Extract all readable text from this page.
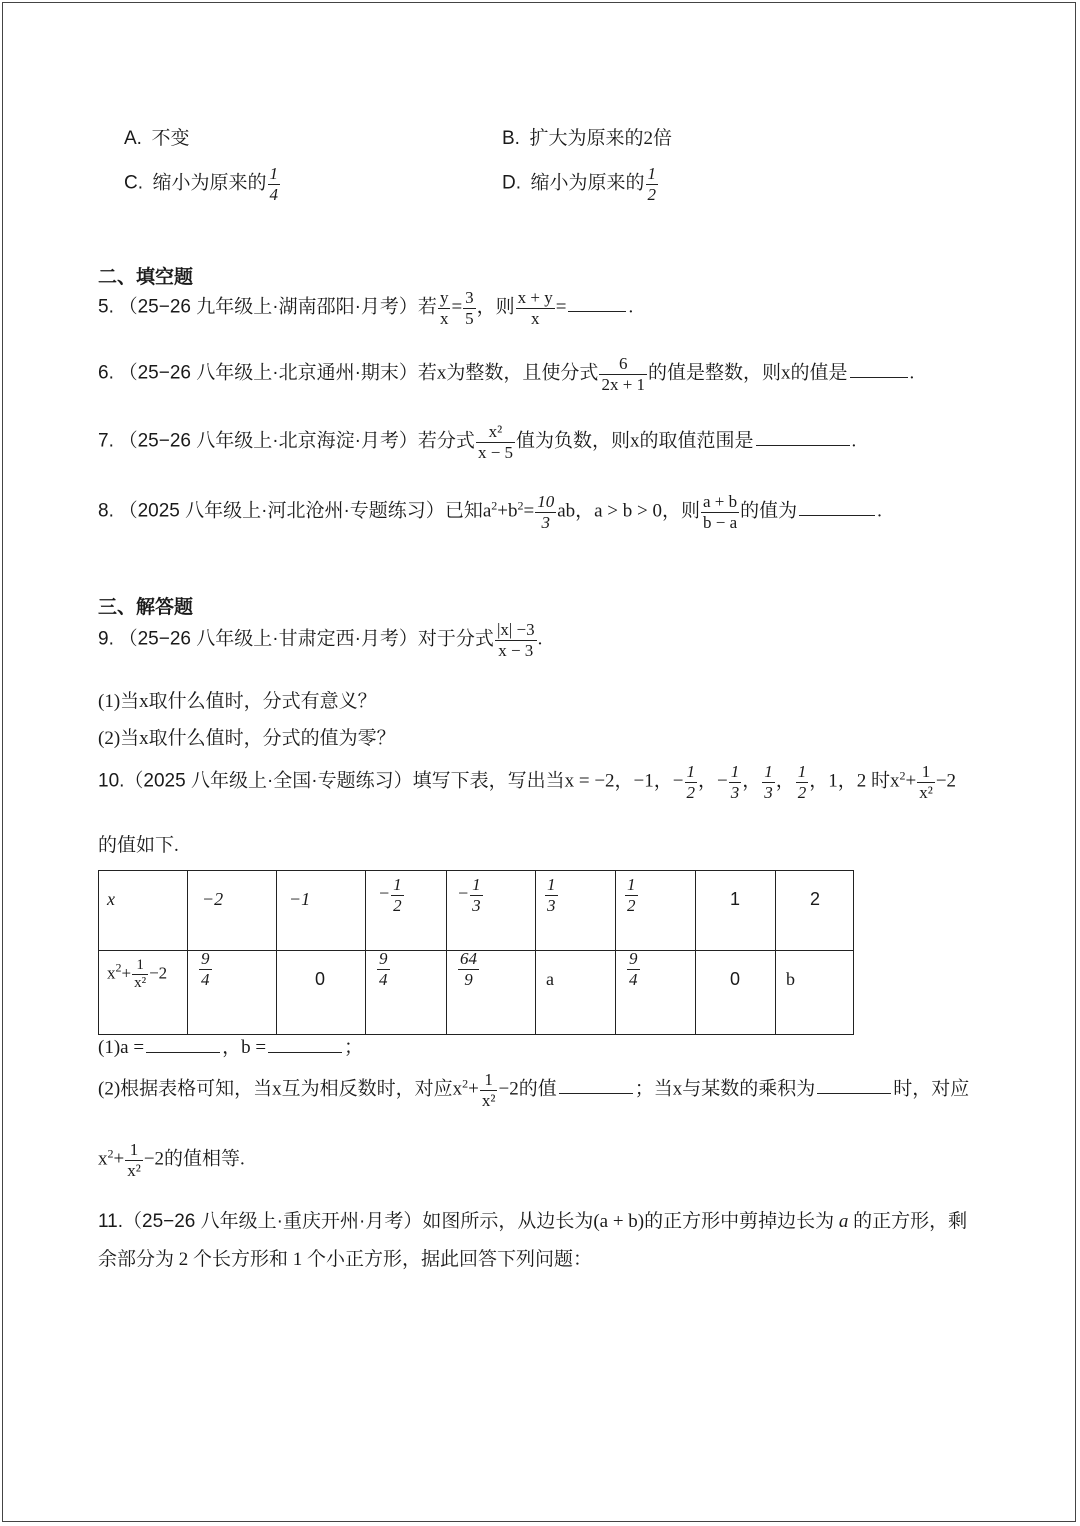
A. 不变	B. 扩大为原来的2倍
C. 缩小为原来的 $\frac{1}{4}$	D. 缩小为原来的 $\frac{1}{2}$
二、填空题
5. （25−26 九年级上·湖南邵阳·月考）若 $\frac{y}{x} = \frac{3}{5}$ ，则 $\frac{x + y}{x}$ =	.
6. （25−26 八年级上·北京通州·期末）若x为整数，且使分式 $\frac{6}{2x + 1}$ 的值是整数，则x的值是	.
7. （25−26 八年级上·北京海淀·月考）若分式 $\frac{\text{x²}}{x - 5}$ 值为负数，则x的取值范围是	.
8. （2025 八年级上·河北沧州·专题练习）已知$a^2+b^2= \frac{10}{3}$ ab，a > b > 0，则 $\frac{a + b}{b - a}$ 的值为	.
三、解答题
9. （25−26 八年级上·甘肃定西·月考）对于分式 $\frac{|x| -3}{x - 3}$ .
(1)当x取什么值时，分式有意义？
(2)当x取什么值时，分式的值为零？
10.（2025 八年级上·全国·专题练习）填写下表，写出当x = −2，−1，− $\frac{1}{2}$ ，− $\frac{1}{3}$ ， $\frac{1}{3}$ ， $\frac{1}{2}$ ，1，2 时$x^2+ \frac{1}{\text{x²}} -2$
的值如下.
x	−2	−1	− $\frac{1}{2}$	− $\frac{1}{3}$	$\frac{1}{3}$	$\frac{1}{2}$	1	2

$x^2+ \frac{1}{\text{x²}} -2$	$\frac{9}{4}$	0	$\frac{9}{4}$	$\frac{64}{9}$	a	$\frac{9}{4}$	0	b
(1)a =	，b =	；
(2)根据表格可知，当x互为相反数时，对应$x^2+ \frac{1}{\text{x²}} -2$的值	；当x与某数的乘积为	时，对应
$x^2+ \frac{1}{\text{x²}} -2$的值相等.
11.（25−26 八年级上·重庆开州·月考）如图所示，从边长为(a + b)的正方形中剪掉边长为 a 的正方形，剩
余部分为 2 个长方形和 1 个小正方形，据此回答下列问题：
